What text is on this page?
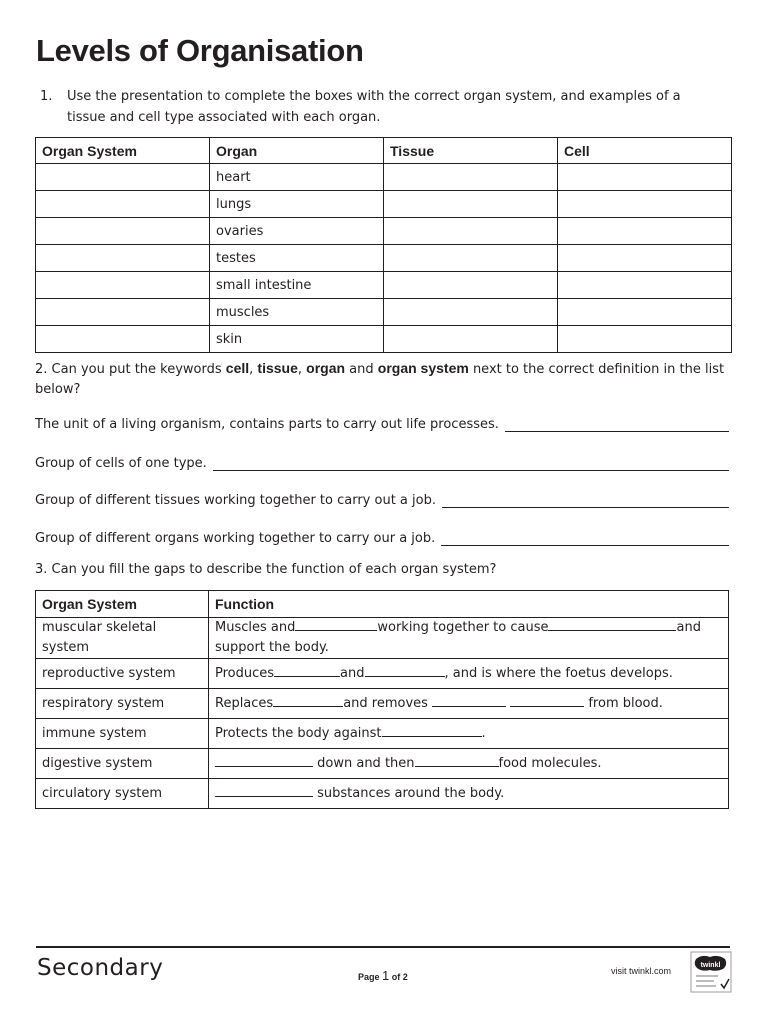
Levels of Organisation
1. Use the presentation to complete the boxes with the correct organ system, and examples of a tissue and cell type associated with each organ.
Organ System	Organ	Tissue	Cell
	heart		
	lungs		
	ovaries		
	testes		
	small intestine		
	muscles		
	skin		
2. Can you put the keywords cell, tissue, organ and organ system next to the correct definition in the list below?
The unit of a living organism, contains parts to carry out life processes.
Group of cells of one type.
Group of different tissues working together to carry out a job.
Group of different organs working together to carry our a job.
3. Can you fill the gaps to describe the function of each organ system?
Organ System	Function
muscular skeletal system	Muscles and working together to cause and support the body.
reproductive system	Produces and , and is where the foetus develops.
respiratory system	Replaces and removes from blood.
immune system	Protects the body against .
digestive system	down and then food molecules.
circulatory system	substances around the body.
Secondary	Page 1 of 2
visit twinkl.com
twinkl
